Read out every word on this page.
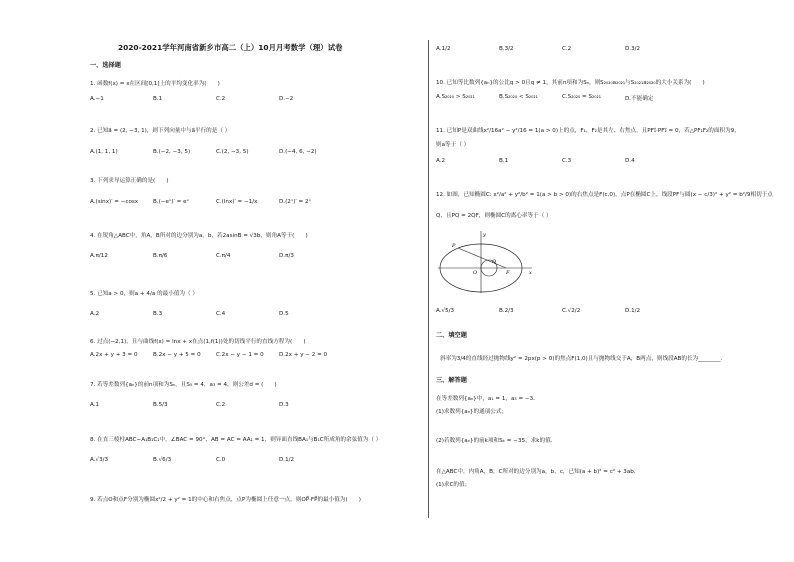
2020-2021学年河南省新乡市高二（上）10月月考数学（理）试卷
一、选择题
1. 函数f(x) = x在区间[0,1]上的平均变化率为(　　)
A.−1	B.1	C.2	D.−2
2. 已知a⃗ = (2, −3, 1)，则下列向量中与a⃗平行的是（ ）
A.(1, 1, 1)	B.(−2, −3, 5)	C.(2, −3, 5)	D.(−4, 6, −2)
3. 下列求导运算正确的是(　　)
A.(sinx)′ = −cosx	B.(−eˣ)′ = eˣ	C.(lnx)′ = −1/x	D.(2ˣ)′ = 2ˣ
4. 在锐角△ABC中，角A，B所对的边分别为a，b，若2asinB = √3b，则角A等于(　　)
A.π/12	B.π/6	C.π/4	D.π/3
5. 已知a > 0，则a + 4/a 的最小值为（ ）
A.2	B.3	C.4	D.5
6. 过点(−2,1)，且与曲线f(x) = lnx + x在点(1,f(1))处的切线平行的直线方程为(　　)
A.2x + y + 3 = 0	B.2x − y + 5 = 0	C.2x − y − 1 = 0	D.2x + y − 2 = 0
7. 若等差数列{aₙ}的前n项和为Sₙ，且S₅ = 4，a₃ = 4，则公差d = (　　)
A.1	B.5/3	C.2	D.3
8. 在直三棱柱ABC−A₁B₁C₁中，∠BAC = 90°，AB = AC = AA₁ = 1，则异面直线BA₁与B₁C所成角的余弦值为（ ）
A.√3/3	B.√6/3	C.0	D.1/2
9. 若点O和点F分别为椭圆x²/2 + y² = 1的中心和右焦点，点P为椭圆上任意一点，则OP⃗·FP⃗的最小值为(　　)
A.1/2	B.3/2	C.2	D.3/2
10. 已知等比数列{aₙ}的公比q > 0且q ≠ 1，其前n项和为Sₙ，则S₂₀₂₀a₂₀₂₁与S₂₀₂₁a₂₀₂₀的大小关系为(　　)
A.S₂₀₂₀ > S₂₀₂₁	B.S₂₀₂₀ < S₂₀₂₁	C.S₂₀₂₀ = S₂₀₂₁	D.不能确定
11. 已知P是双曲线x²/16a² − y²/16 = 1(a > 0)上的点，F₁，F₂是其左、右焦点，且PF₁⃗·PF₂⃗ = 0，若△PF₁F₂的面积为9，
则a等于（ ）
A.2	B.1	C.3	D.4
12. 如图，已知椭圆C: x²/a² + y²/b² = 1(a > b > 0)的右焦点是F(c,0)，点P在椭圆C上，线段PF与圆(x − c/3)² + y² = b²/9相切于点
Q，且PQ = 2QF，则椭圆C的离心率等于（ ）
P
Q
O	F	x
y
A.√5/3	B.2/3	C.√2/2	D.1/2
二、填空题
斜率为3/4的直线经过抛物线y² = 2px(p > 0)的焦点F(1,0)且与抛物线交于A，B两点，则线段AB的长为________.
三、解答题
在等差数列{aₙ}中，a₁ = 1，a₃ = −3．
(1)求数列{aₙ}的通项公式；
(2)若数列{aₙ}的前k项和Sₖ = −35，求k的值．
在△ABC中，内角A，B，C所对的边分别为a，b，c，已知(a + b)² = c² + 3ab．
(1)求C的值；
